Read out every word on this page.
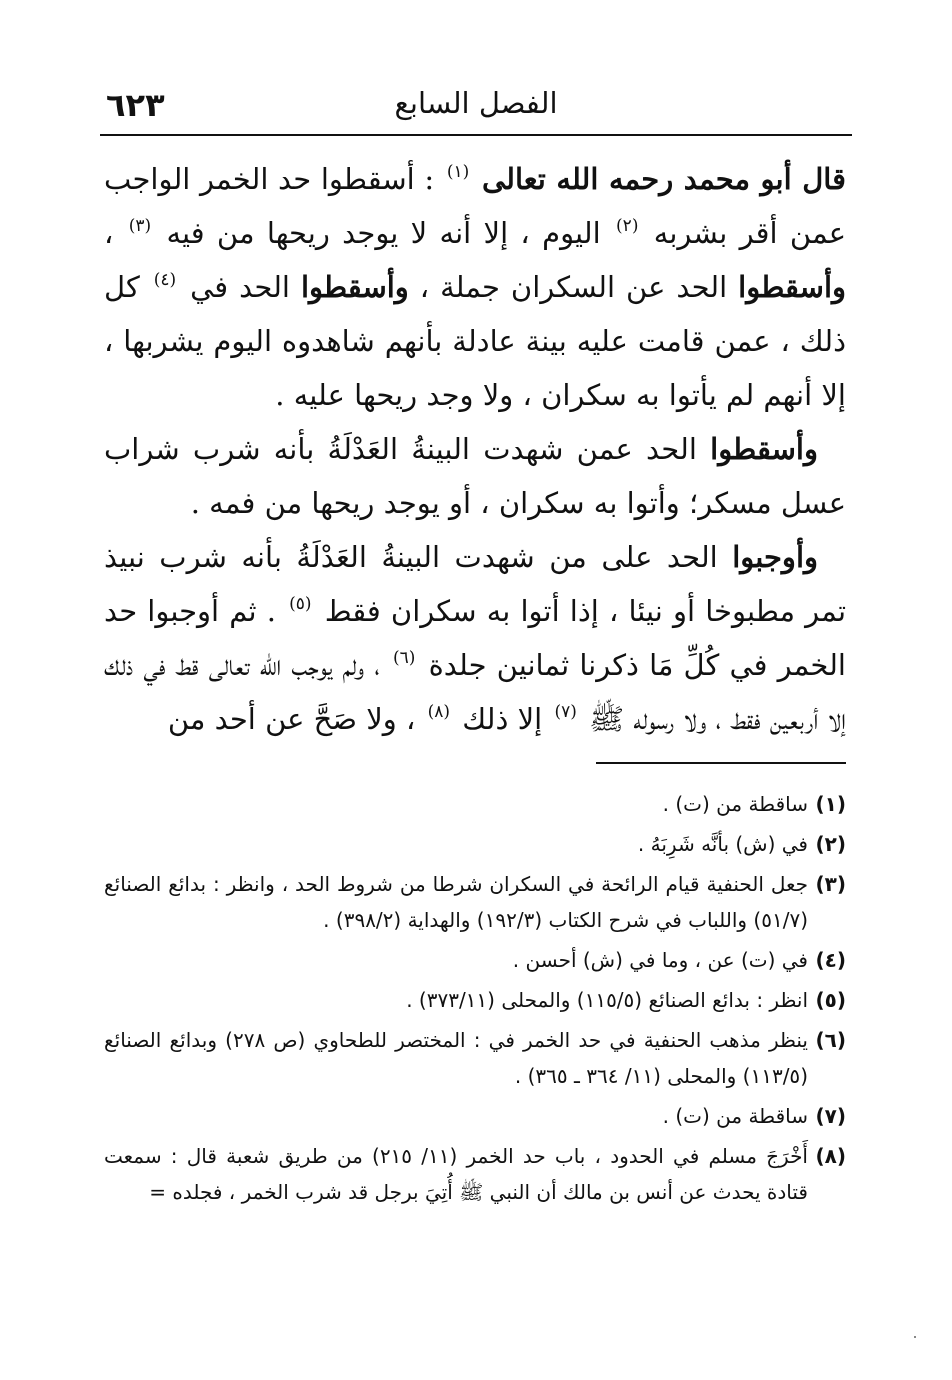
الفصل السابع
٦٢٣

قال أبو محمد رحمه الله تعالى $^{(١)}$ : أسقطوا حد الخمر الواجب عمن أقر بشربه $^{(٢)}$ اليوم ، إلا أنه لا يوجد ريحها من فيه $^{(٣)}$ ، وأسقطوا الحد عن السكران جملة ، وأسقطوا الحد في $^{(٤)}$ كل ذلك ، عمن قامت عليه بينة عادلة بأنهم شاهدوه اليوم يشربها ، إلا أنهم لم يأتوا به سكران ، ولا وجد ريحها عليه .

وأسقطوا الحد عمن شهدت البينةُ العَدْلَةُ بأنه شرب شراب عسل مسكر؛ وأتوا به سكران ، أو يوجد ريحها من فمه .

وأوجبوا الحد على من شهدت البينةُ العَدْلَةُ بأنه شرب نبيذ تمر مطبوخا أو نيئا ، إذا أتوا به سكران فقط $^{(٥)}$ . ثم أوجبوا حد الخمر في كُلِّ مَا ذكرنا ثمانين جلدة $^{(٦)}$ ، ولم يوجب الله تعالى قط في ذلك إلا أربعين فقط ، ولا رسوله ﷺ $^{(٧)}$ إلا ذلك $^{(٨)}$ ، ولا صَحَّ عن أحد من

(١)
ساقطة من (ت) .
(٢)
في (ش) بأنَّه شَرِبَهُ .
(٣)
جعل الحنفية قيام الرائحة في السكران شرطا من شروط الحد ، وانظر : بدائع الصنائع (٥١/٧) واللباب في شرح الكتاب (١٩٢/٣) والهداية (٣٩٨/٢) .
(٤)
في (ت) عن ، وما في (ش) أحسن .
(٥)
انظر : بدائع الصنائع (١١٥/٥) والمحلى (٣٧٣/١١) .
(٦)
ينظر مذهب الحنفية في حد الخمر في : المختصر للطحاوي (ص ٢٧٨) وبدائع الصنائع (١١٣/٥) والمحلى (١١/ ٣٦٤ ـ ٣٦٥) .
(٧)
ساقطة من (ت) .
(٨)
أَخْرَجَ مسلم في الحدود ، باب حد الخمر (١١/ ٢١٥) من طريق شعبة قال : سمعت قتادة يحدث عن أنس بن مالك أن النبي ﷺ أُتِيَ برجل قد شرب الخمر ، فجلده =
